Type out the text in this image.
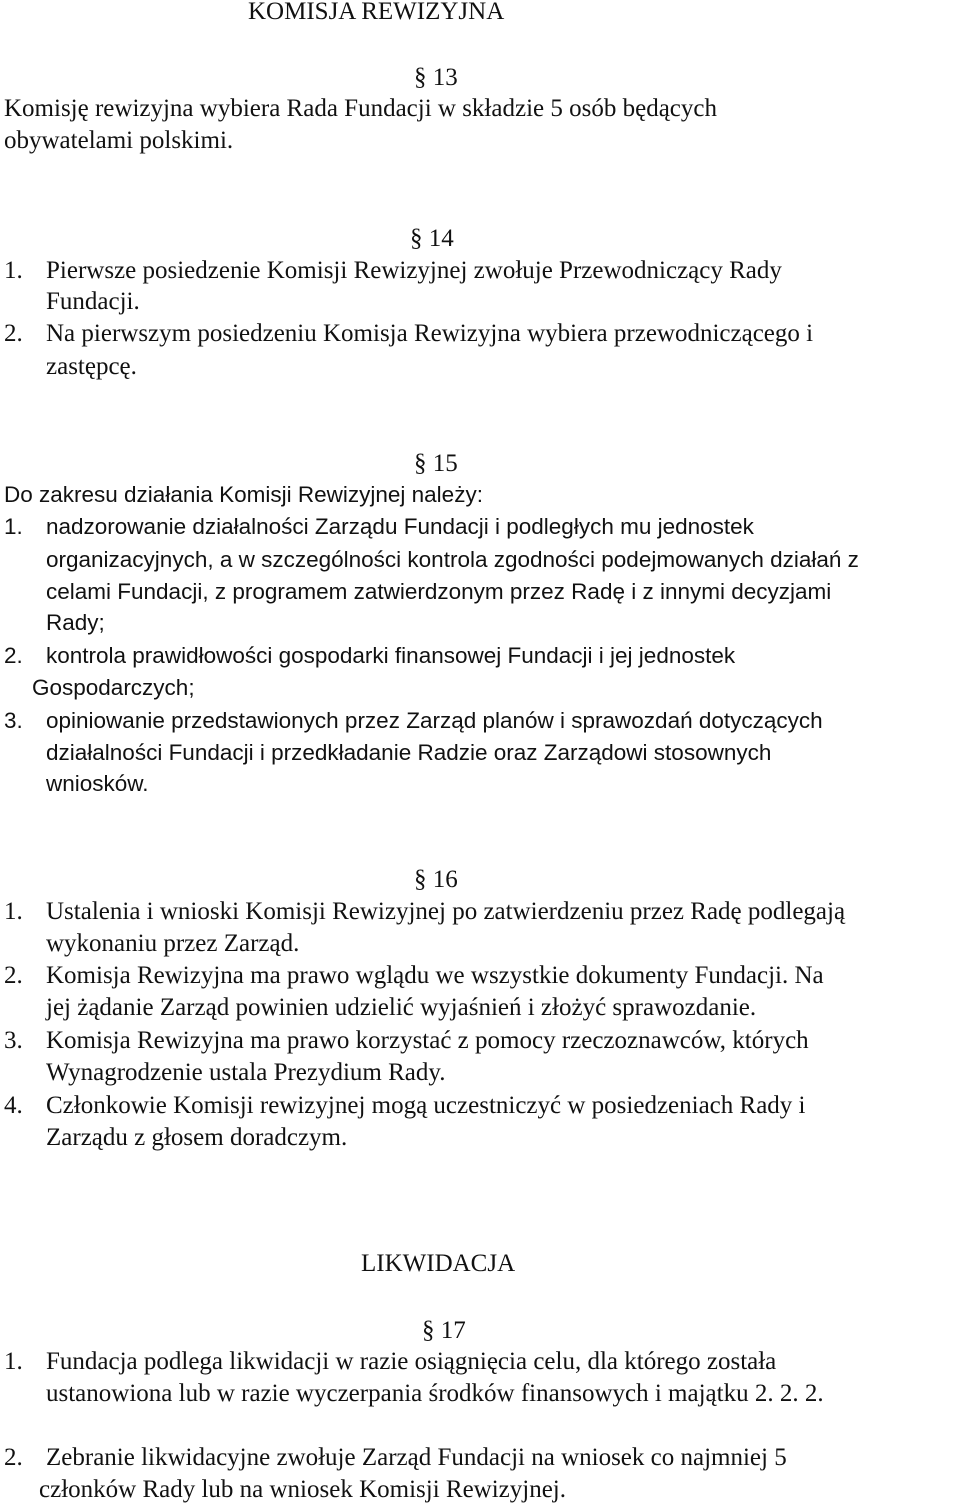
KOMISJA REWIZYJNA
§ 13
Komisję rewizyjna wybiera Rada Fundacji w składzie 5 osób będących
obywatelami polskimi.
§ 14
1. Pierwsze posiedzenie Komisji Rewizyjnej zwołuje Przewodniczący Rady
Fundacji.
2. Na pierwszym posiedzeniu Komisja Rewizyjna wybiera przewodniczącego i
zastępcę.
§ 15
Do zakresu działania Komisji Rewizyjnej należy:
1. nadzorowanie działalności Zarządu Fundacji i podległych mu jednostek
organizacyjnych, a w szczególności kontrola zgodności podejmowanych działań z
celami Fundacji, z programem zatwierdzonym przez Radę i z innymi decyzjami
Rady;
2. kontrola prawidłowości gospodarki finansowej Fundacji i jej jednostek
Gospodarczych;
3. opiniowanie przedstawionych przez Zarząd planów i sprawozdań dotyczących
działalności Fundacji i przedkładanie Radzie oraz Zarządowi stosownych
wniosków.
§ 16
1. Ustalenia i wnioski Komisji Rewizyjnej po zatwierdzeniu przez Radę podlegają
wykonaniu przez Zarząd.
2. Komisja Rewizyjna ma prawo wglądu we wszystkie dokumenty Fundacji. Na
jej żądanie Zarząd powinien udzielić wyjaśnień i złożyć sprawozdanie.
3. Komisja Rewizyjna ma prawo korzystać z pomocy rzeczoznawców, których
Wynagrodzenie ustala Prezydium Rady.
4. Członkowie Komisji rewizyjnej mogą uczestniczyć w posiedzeniach Rady i
Zarządu z głosem doradczym.
LIKWIDACJA
§ 17
1. Fundacja podlega likwidacji w razie osiągnięcia celu, dla którego została
ustanowiona lub w razie wyczerpania środków finansowych i majątku 2. 2. 2.
2. Zebranie likwidacyjne zwołuje Zarząd Fundacji na wniosek co najmniej 5
członków Rady lub na wniosek Komisji Rewizyjnej.
